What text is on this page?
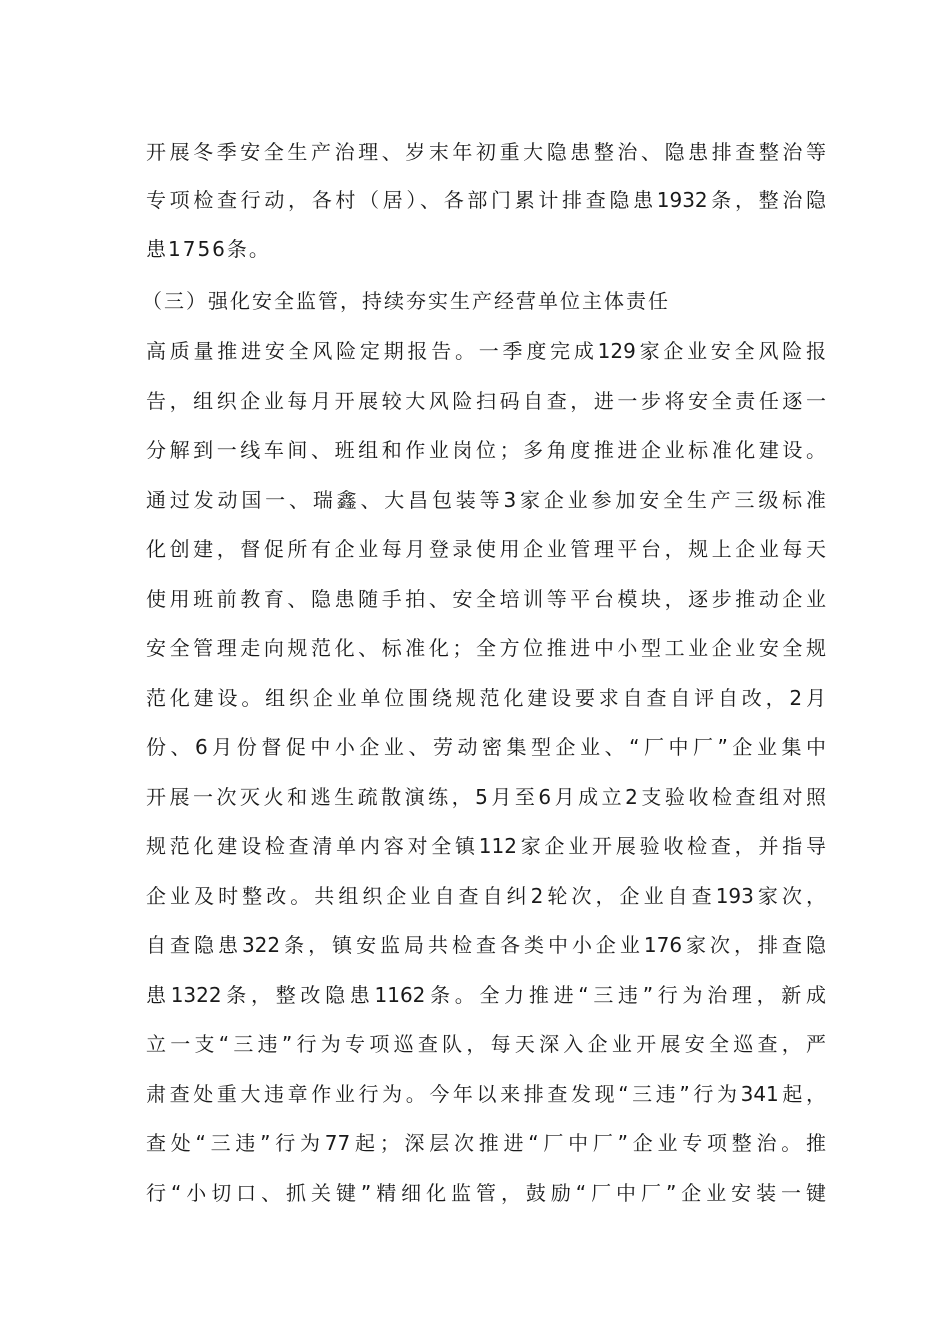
开展冬季安全生产治理、岁末年初重大隐患整治、隐患排查整治等
专项检查行动，各村（居）、各部门累计排查隐患1932条，整治隐
患1756条。
（三）强化安全监管，持续夯实生产经营单位主体责任
高质量推进安全风险定期报告。一季度完成129家企业安全风险报
告，组织企业每月开展较大风险扫码自查，进一步将安全责任逐一
分解到一线车间、班组和作业岗位；多角度推进企业标准化建设。
通过发动国一、瑞鑫、大昌包装等3家企业参加安全生产三级标准
化创建，督促所有企业每月登录使用企业管理平台，规上企业每天
使用班前教育、隐患随手拍、安全培训等平台模块，逐步推动企业
安全管理走向规范化、标准化；全方位推进中小型工业企业安全规
范化建设。组织企业单位围绕规范化建设要求自查自评自改，2月
份、6月份督促中小企业、劳动密集型企业、“厂中厂”企业集中
开展一次灭火和逃生疏散演练，5月至6月成立2支验收检查组对照
规范化建设检查清单内容对全镇112家企业开展验收检查，并指导
企业及时整改。共组织企业自查自纠2轮次，企业自查193家次，
自查隐患322条，镇安监局共检查各类中小企业176家次，排查隐
患1322条，整改隐患1162条。全力推进“三违”行为治理，新成
立一支“三违”行为专项巡查队，每天深入企业开展安全巡查，严
肃查处重大违章作业行为。今年以来排查发现“三违”行为341起，
查处“三违”行为77起；深层次推进“厂中厂”企业专项整治。推
行“小切口、抓关键”精细化监管，鼓励“厂中厂”企业安装一键
